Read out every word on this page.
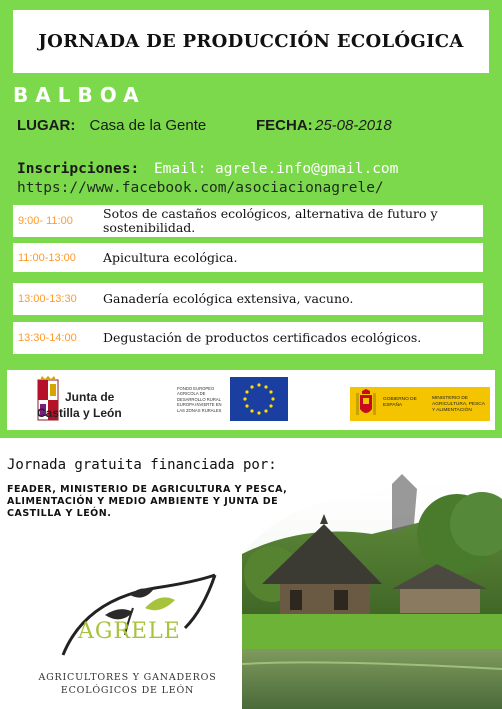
JORNADA DE PRODUCCIÓN ECOLÓGICA
BALBOA
LUGAR: Casa de la Gente	FECHA: 25-08-2018
Inscripciones: Email: agrele.info@gmail.com
https://www.facebook.com/asociacionagrele/
9:00- 11:00	Sotos de castaños ecológicos, alternativa de futuro y sostenibilidad.
11:00-13:00	Apicultura ecológica.
13:00-13:30	Ganadería ecológica extensiva, vacuno.
13:30-14:00	Degustación de productos certificados ecológicos.
Junta de
Castilla y León
FONDO EUROPEO AGRICOLA DE DESARROLLO RURAL EUROPA INVIERTE EN LAS ZONAS RURALES
GOBIERNO DE ESPAÑA
MINISTERIO DE AGRICULTURA, PESCA Y ALIMENTACIÓN
Jornada gratuita financiada por:
FEADER, MINISTERIO DE AGRICULTURA Y PESCA, ALIMENTACIÓN Y MEDIO AMBIENTE Y JUNTA DE CASTILLA Y LEÓN.
AGRELE
AGRICULTORES Y GANADEROS ECOLÓGICOS DE LEÓN
